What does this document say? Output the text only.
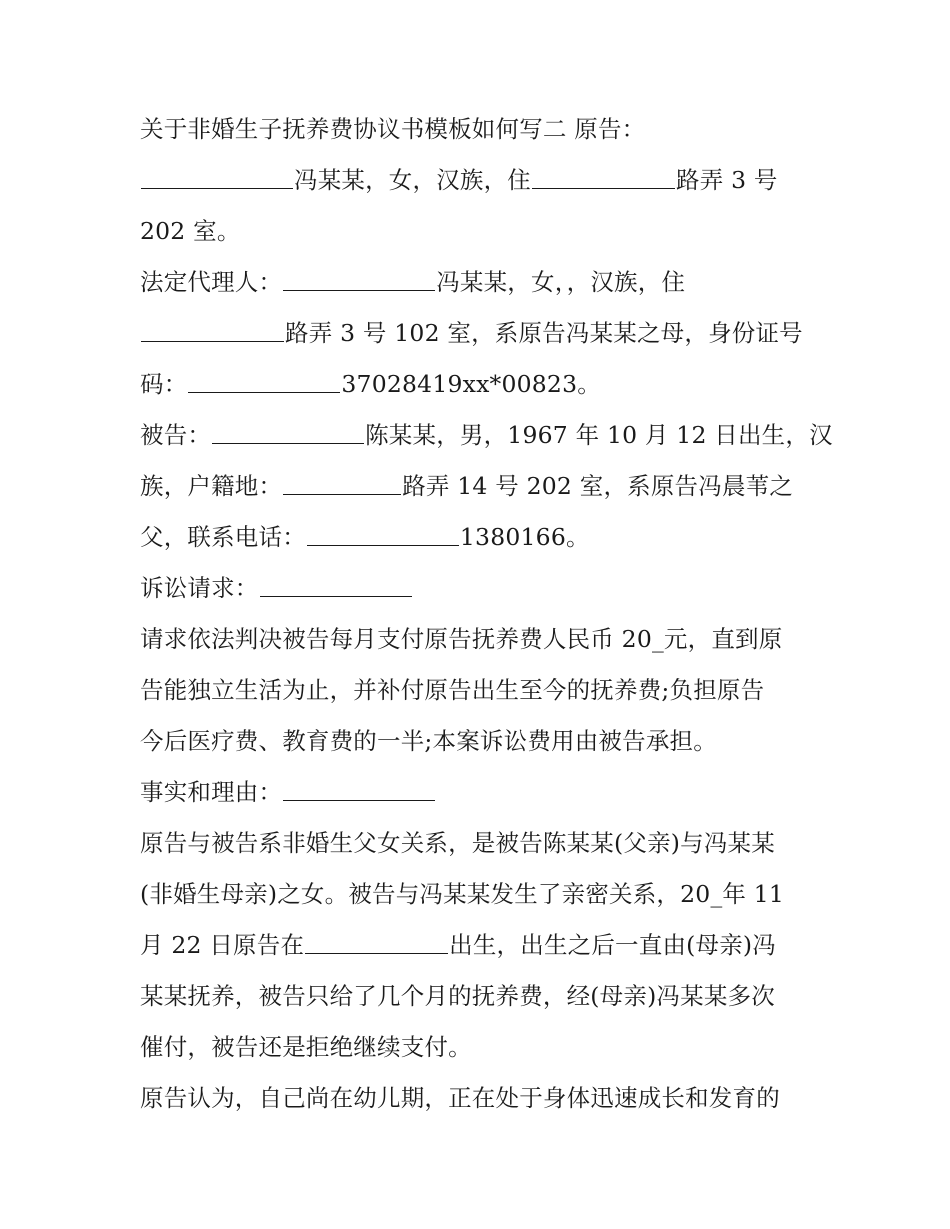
关于非婚生子抚养费协议书模板如何写二 原告：
冯某某，女，汉族，住	路弄 3 号
202 室。
法定代理人：	冯某某，女，，汉族，住
路弄 3 号 102 室，系原告冯某某之母，身份证号
码：	37028419xx*00823。
被告：	陈某某，男，1967 年 10 月 12 日出生，汉
族，户籍地：	路弄 14 号 202 室，系原告冯晨苇之
父，联系电话：	1380166。
诉讼请求：
请求依法判决被告每月支付原告抚养费人民币 20_元，直到原
告能独立生活为止，并补付原告出生至今的抚养费;负担原告
今后医疗费、教育费的一半;本案诉讼费用由被告承担。
事实和理由：
原告与被告系非婚生父女关系，是被告陈某某(父亲)与冯某某
(非婚生母亲)之女。被告与冯某某发生了亲密关系，20_年 11
月 22 日原告在	出生，出生之后一直由(母亲)冯
某某抚养，被告只给了几个月的抚养费，经(母亲)冯某某多次
催付，被告还是拒绝继续支付。
原告认为，自己尚在幼儿期，正在处于身体迅速成长和发育的
